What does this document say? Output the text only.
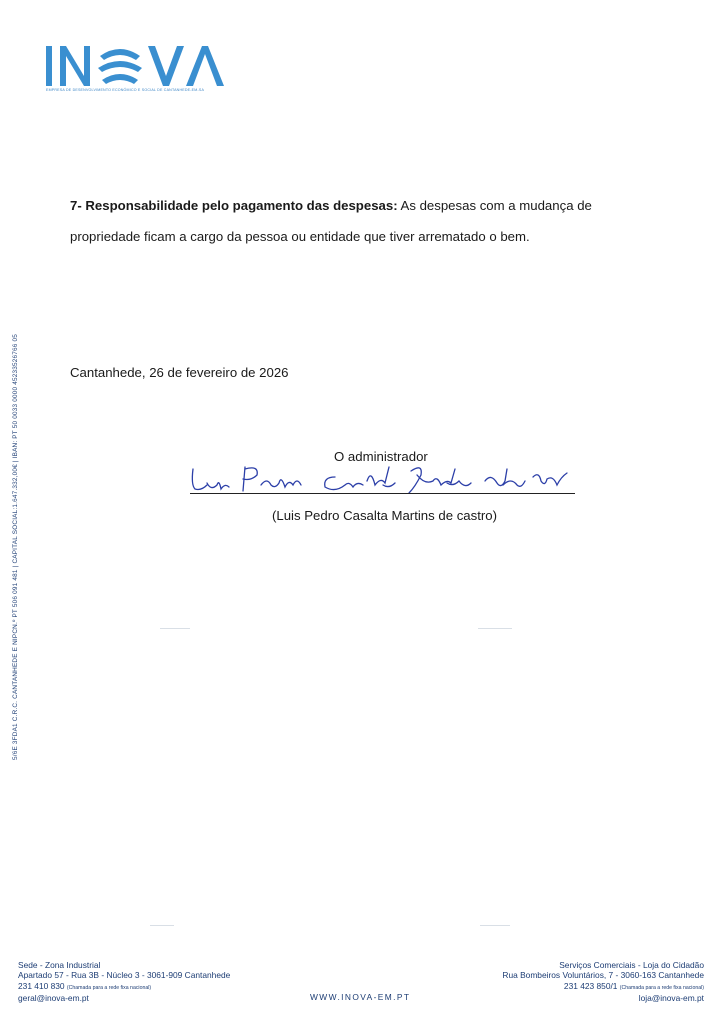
EMPRESA DE DESENVOLVIMENTO ECONÓMICO E SOCIAL DE CANTANHEDE-EM-SA
5/6E 3FDA1 C.R.C. CANTANHEDE E NIPCN.º PT 506 091 481 | CAPITAL SOCIAL:1.647.332,00€ | IBAN: PT 50 0033 0000 45233526766 05
7- Responsabilidade pelo pagamento das despesas: As despesas com a mudança de
propriedade ficam a cargo da pessoa ou entidade que tiver arrematado o bem.
Cantanhede, 26 de fevereiro de 2026
O administrador
(Luis Pedro Casalta Martins de castro)
Sede - Zona Industrial
Apartado 57 - Rua 3B - Núcleo 3 - 3061-909 Cantanhede
231 410 830 (Chamada para a rede fixa nacional)
geral@inova-em.pt	WWW.INOVA-EM.PT
Serviços Comerciais - Loja do Cidadão
Rua Bombeiros Voluntários, 7 - 3060-163 Cantanhede
231 423 850/1 (Chamada para a rede fixa nacional)
loja@inova-em.pt
